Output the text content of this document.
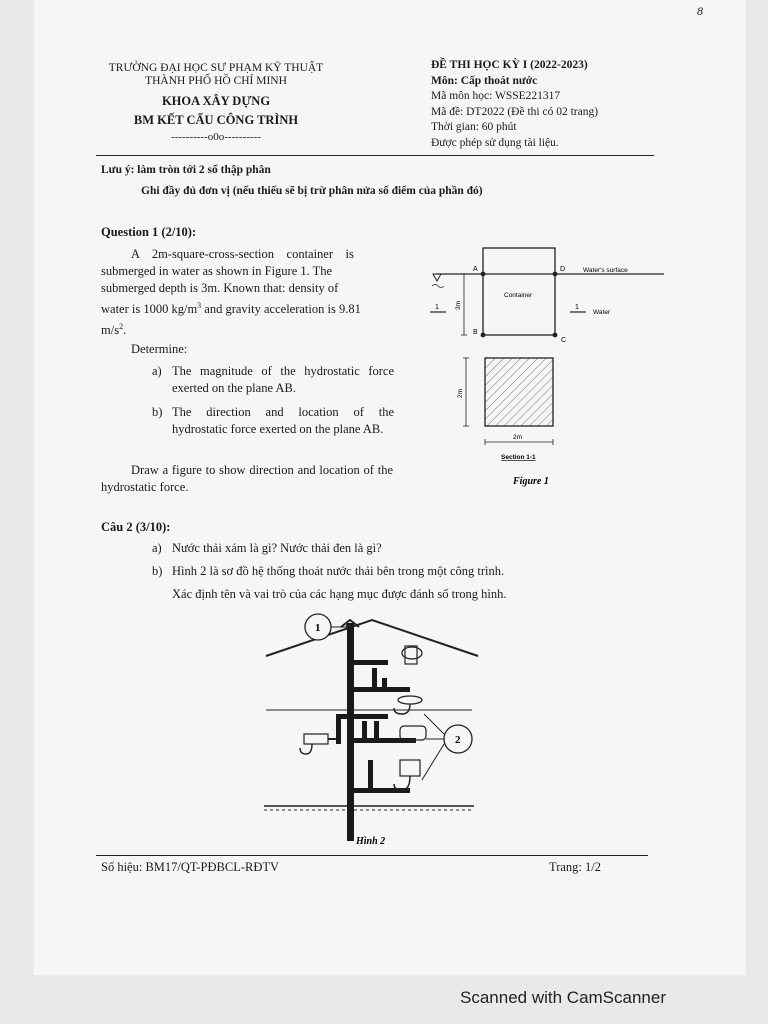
8
TRƯỜNG ĐẠI HỌC SƯ PHẠM KỸ THUẬT
THÀNH PHỐ HỒ CHÍ MINH
KHOA XÂY DỰNG
BM KẾT CẤU CÔNG TRÌNH
----------o0o----------
ĐỀ THI HỌC KỲ I (2022-2023)
Môn: Cấp thoát nước
Mã môn học: WSSE221317
Mã đề: DT2022 (Đề thi có 02 trang)
Thời gian: 60 phút
Được phép sử dụng tài liệu.
Lưu ý: làm tròn tới 2 số thập phân
Ghi đầy đủ đơn vị (nếu thiếu sẽ bị trừ phân nửa số điểm của phần đó)
Question 1 (2/10):
A    2m-square-cross-section    container    is
submerged in water as shown in Figure 1. The
submerged depth is 3m. Known that: density of
water is 1000 $kg/m^3$ and gravity acceleration is 9.81
$m/s^2$.
Determine:
a) The magnitude of the hydrostatic force exerted on the plane AB.
b) The direction and location of the hydrostatic force exerted on the plane AB.
Draw a figure to show direction and location of the hydrostatic force.
A	D
B
C
Water's surface
Container
Water
3m
1	1
2m
2m
Section 1-1
Figure 1
Câu 2 (3/10):
a) Nước thải xám là gì? Nước thải đen là gì?
b) Hình 2 là sơ đồ hệ thống thoát nước thải bên trong một công trình.
Xác định tên và vai trò của các hạng mục được đánh số trong hình.
1
2
Hình 2
Số hiệu: BM17/QT-PĐBCL-RĐTV	Trang: 1/2
Scanned with CamScanner
